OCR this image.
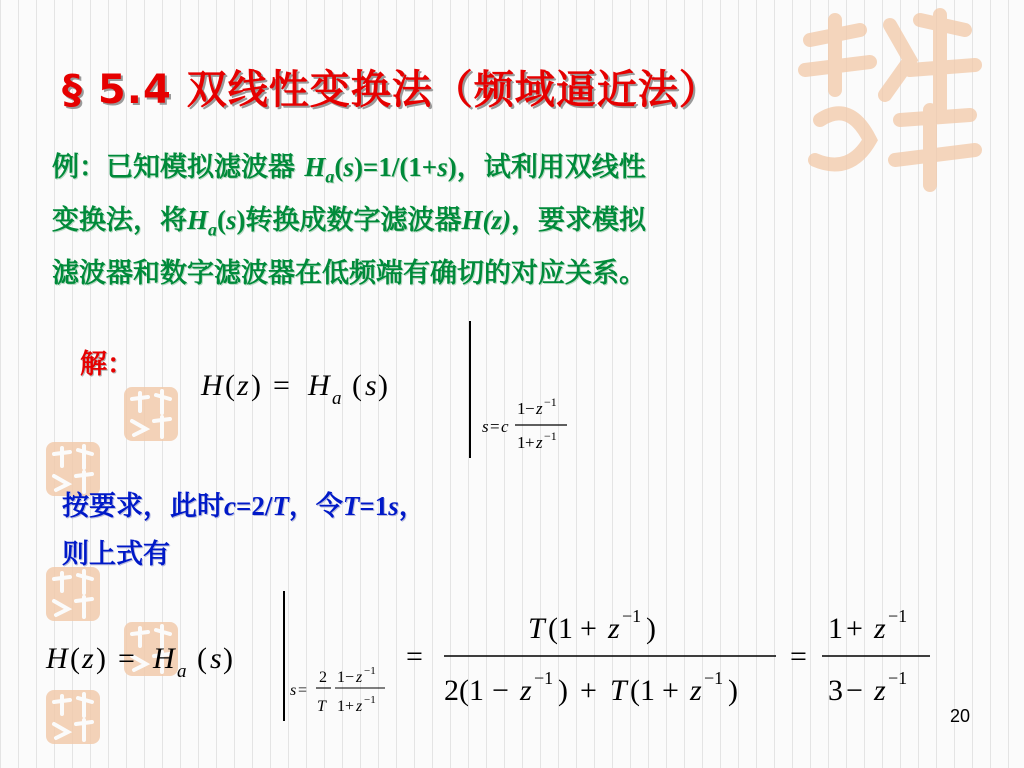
§ 5.4 双线性变换法（频域逼近法）
例：已知模拟滤波器 $H_a(s)=1/(1+s)$，试利用双线性
变换法，将$H_a(s)$转换成数字滤波器H(z)，要求模拟
滤波器和数字滤波器在低频端有确切的对应关系。
解：
H ( z ) = H a ( s )
s = c
1 − z −1
1 + z −1
按要求，此时c=2/T，令T=1s，
则上式有
H ( z ) = H a ( s )
s =
2
T
1 − z −1
1 + z −1
=
T (1 + z −1 )
2(1 − z −1 ) + T (1 + z −1 )
=
1 + z −1
3 − z −1
20
